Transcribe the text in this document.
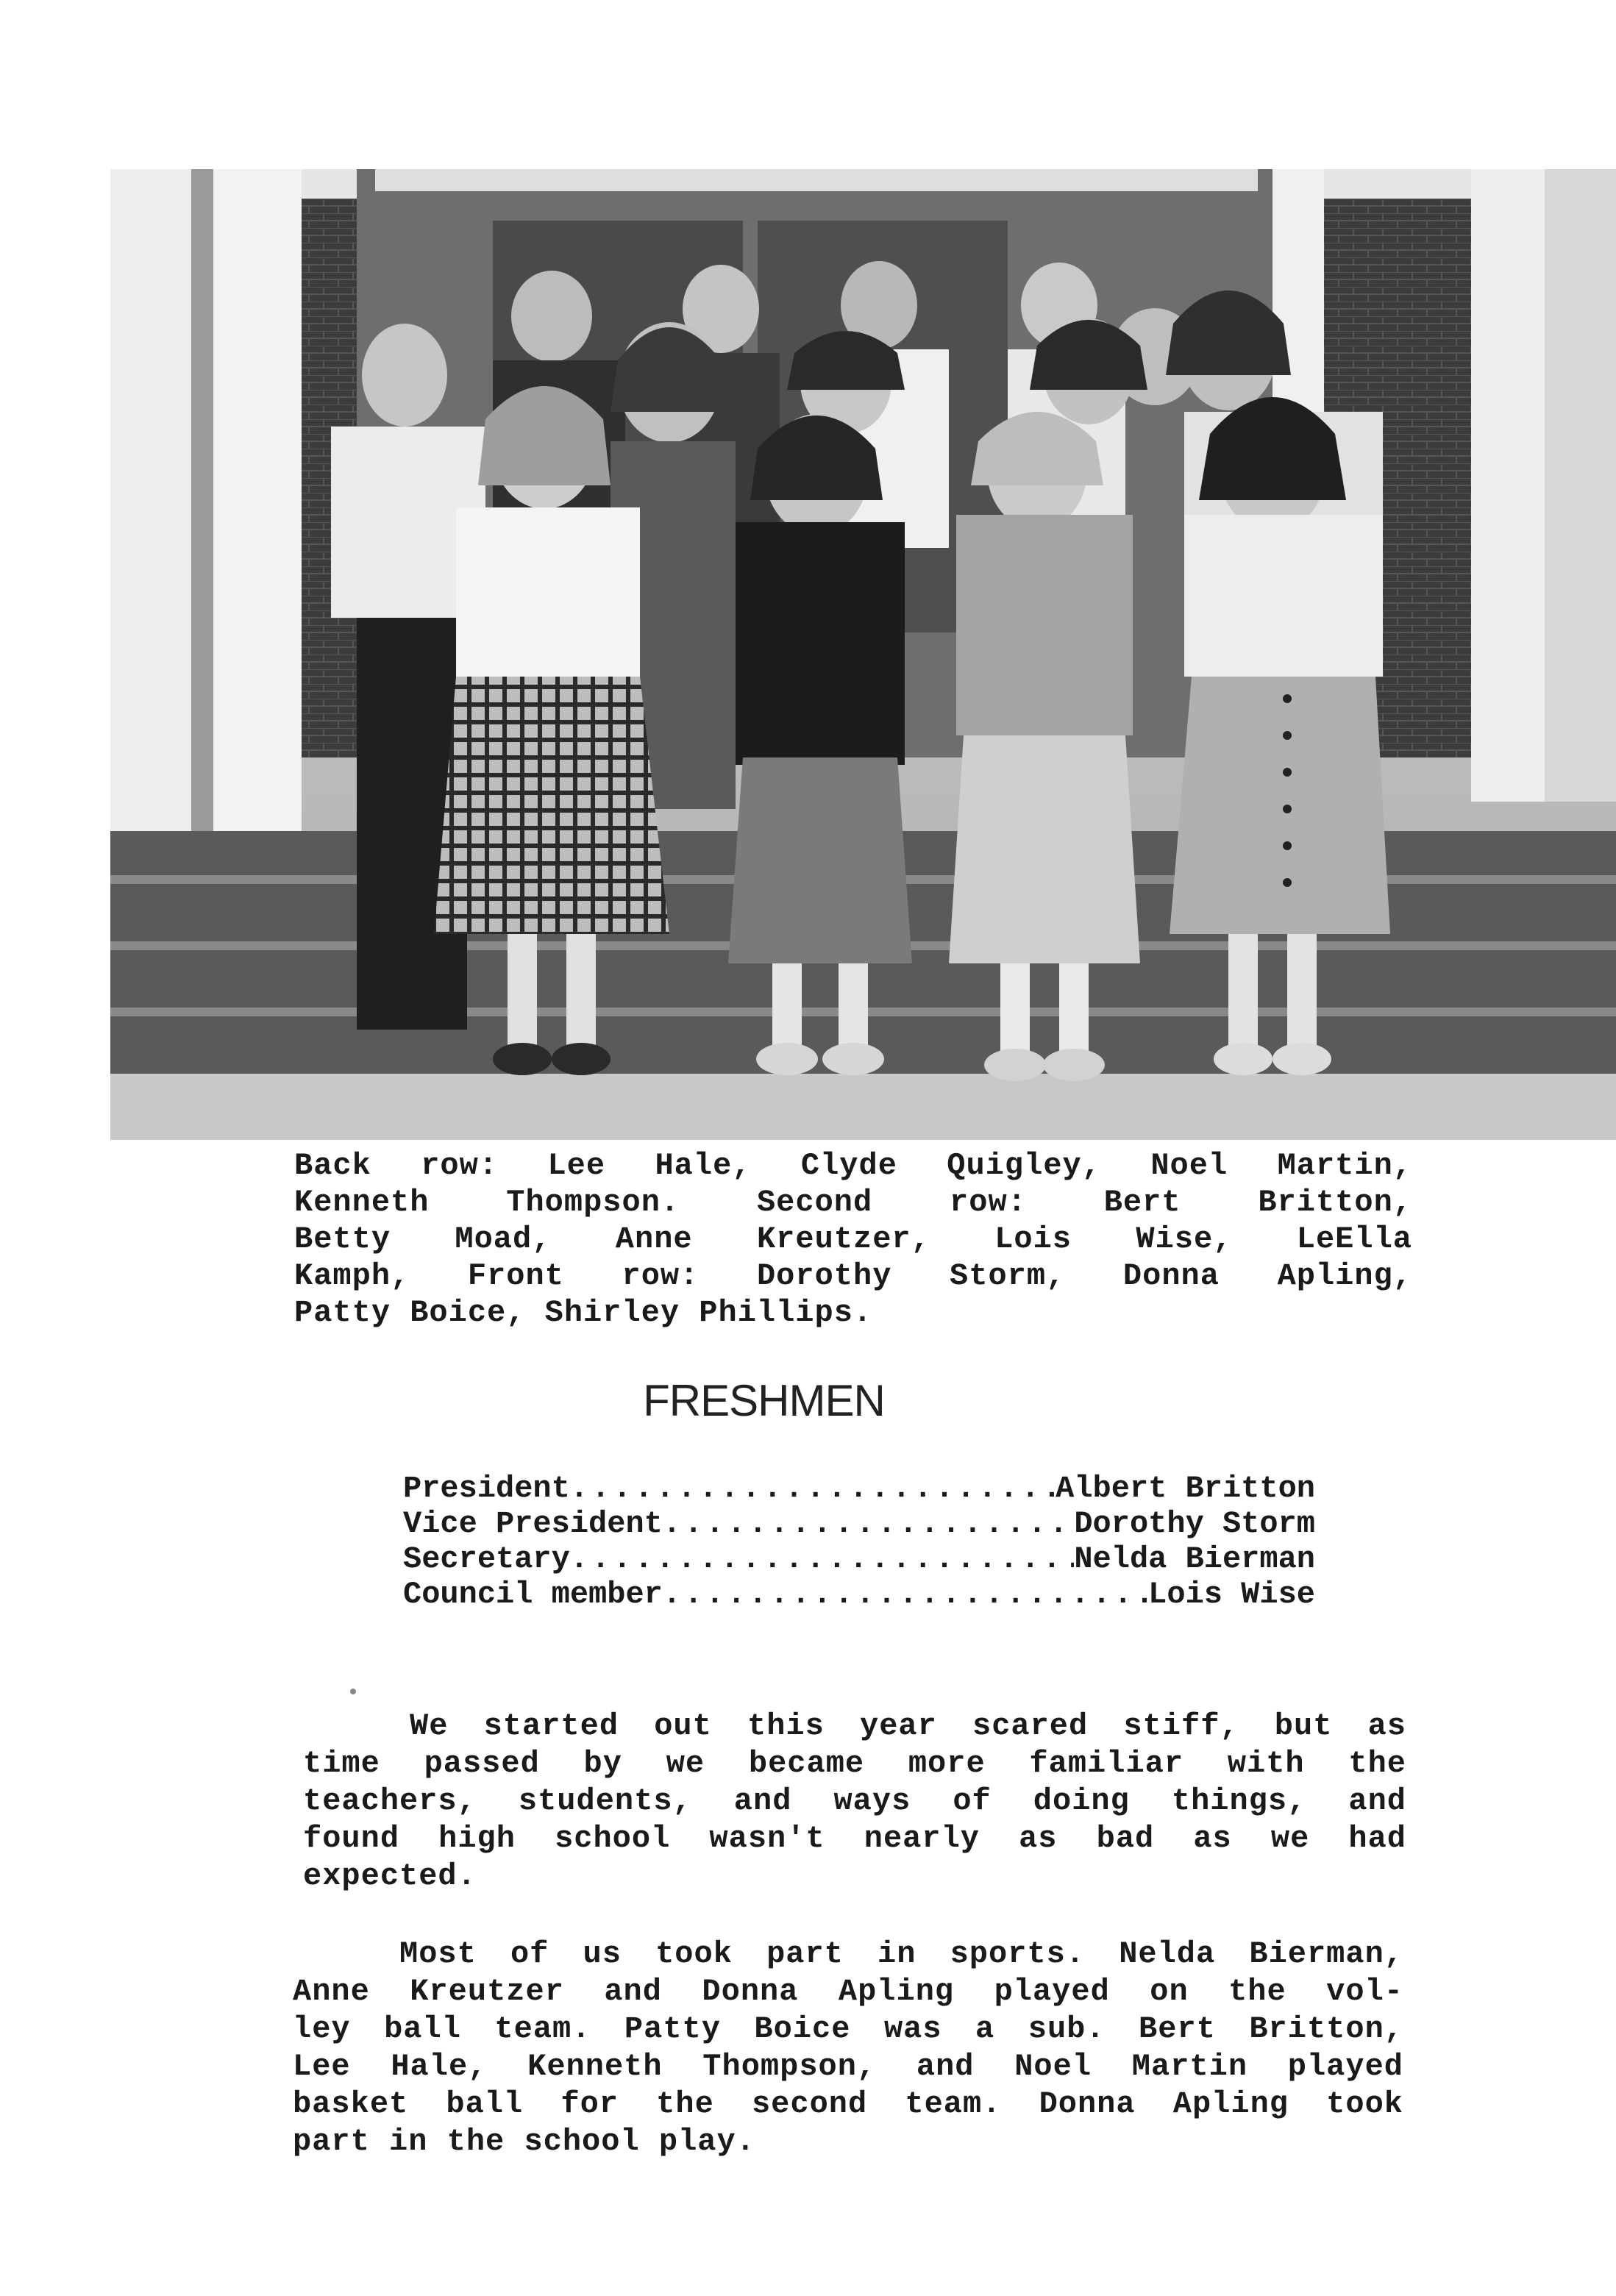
Back row: Lee Hale, Clyde Quigley, Noel Martin,
Kenneth Thompson. Second row: Bert Britton,
Betty Moad, Anne Kreutzer, Lois Wise, LeElla
Kamph, Front row: Dorothy Storm, Donna Apling,
Patty Boice, Shirley Phillips.
FRESHMEN
President .....	Albert Britton
Vice President .....	Dorothy Storm
Secretary .....	Nelda Bierman
Council member .....	Lois Wise
We started out this year scared stiff, but as
time passed by we became more familiar with the
teachers, students, and ways of doing things, and
found high school wasn't nearly as bad as we had
expected.
Most of us took part in sports. Nelda Bierman,
Anne Kreutzer and Donna Apling played on the vol-
ley ball team. Patty Boice was a sub. Bert Britton,
Lee Hale, Kenneth Thompson, and Noel Martin played
basket ball for the second team. Donna Apling took
part in the school play.
